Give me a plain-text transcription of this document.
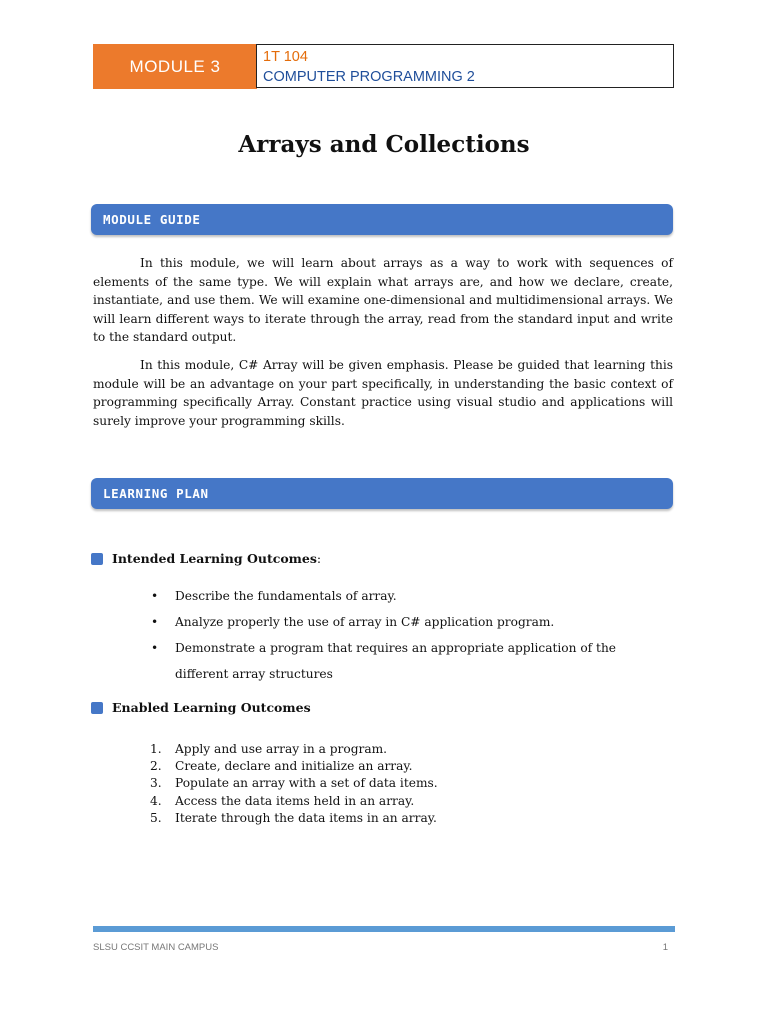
MODULE 3	1T 104
COMPUTER PROGRAMMING 2
Arrays and Collections
MODULE GUIDE

In this module, we will learn about arrays as a way to work with sequences of elements of the same type. We will explain what arrays are, and how we declare, create, instantiate, and use them. We will examine one-dimensional and multidimensional arrays. We will learn different ways to iterate through the array, read from the standard input and write to the standard output.

In this module, C# Array will be given emphasis. Please be guided that learning this module will be an advantage on your part specifically, in understanding the basic context of programming specifically Array. Constant practice using visual studio and applications will surely improve your programming skills.

LEARNING PLAN
Intended Learning Outcomes :
• Describe the fundamentals of array.
• Analyze properly the use of array in C# application program.
• Demonstrate a program that requires an appropriate application of the
different array structures
Enabled Learning Outcomes
1.	Apply and use array in a program.
2.	Create, declare and initialize an array.
3.	Populate an array with a set of data items.
4.	Access the data items held in an array.
5.	Iterate through the data items in an array.
SLSU CCSIT MAIN CAMPUS	1
